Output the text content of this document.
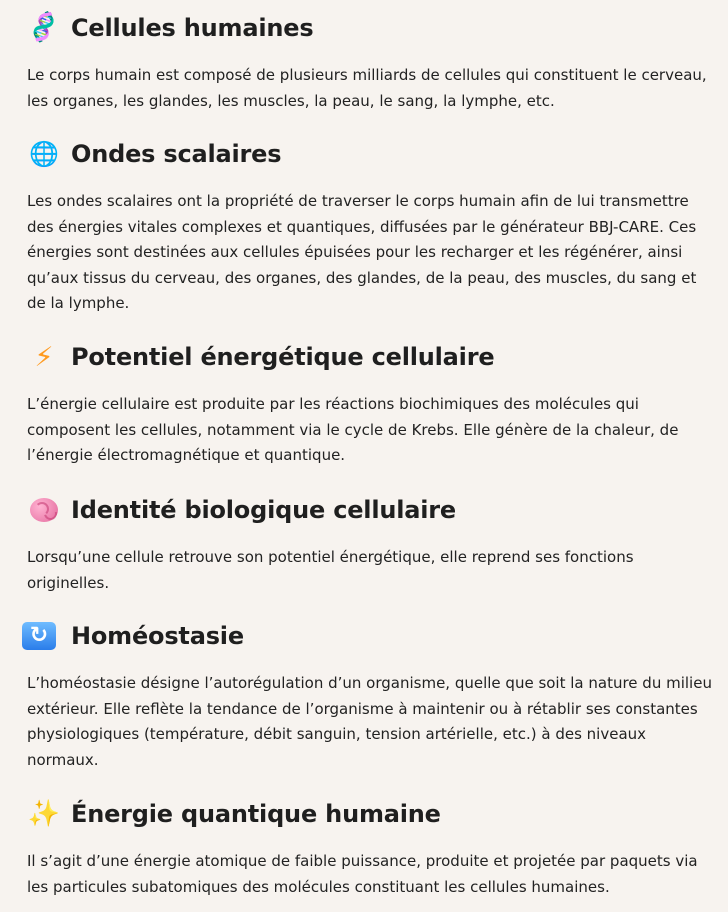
🧬 Cellules humaines

Le corps humain est composé de plusieurs milliards de cellules qui constituent le cerveau, les organes, les glandes, les muscles, la peau, le sang, la lymphe, etc.

🌐 Ondes scalaires

Les ondes scalaires ont la propriété de traverser le corps humain afin de lui transmettre des énergies vitales complexes et quantiques, diffusées par le générateur BBJ-CARE. Ces énergies sont destinées aux cellules épuisées pour les recharger et les régénérer, ainsi qu’aux tissus du cerveau, des organes, des glandes, de la peau, des muscles, du sang et de la lymphe.

⚡ Potentiel énergétique cellulaire

L’énergie cellulaire est produite par les réactions biochimiques des molécules qui composent les cellules, notamment via le cycle de Krebs. Elle génère de la chaleur, de l’énergie électromagnétique et quantique.

Identité biologique cellulaire

Lorsqu’une cellule retrouve son potentiel énergétique, elle reprend ses fonctions originelles.

↻ Homéostasie

L’homéostasie désigne l’autorégulation d’un organisme, quelle que soit la nature du milieu extérieur. Elle reflète la tendance de l’organisme à maintenir ou à rétablir ses constantes physiologiques (température, débit sanguin, tension artérielle, etc.) à des niveaux normaux.

✨ Énergie quantique humaine

Il s’agit d’une énergie atomique de faible puissance, produite et projetée par paquets via les particules subatomiques des molécules constituant les cellules humaines.
